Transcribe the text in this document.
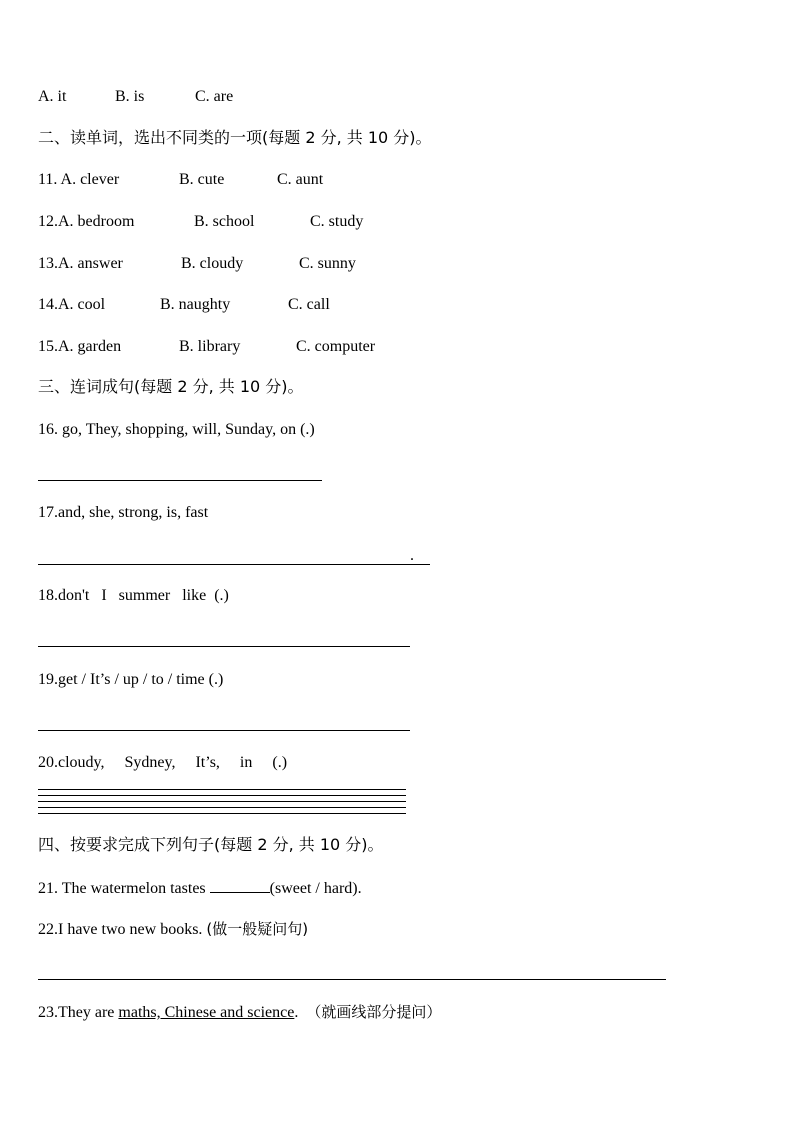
A. it	B. is	C. are
二、读单词，选出不同类的一项(每题 2 分, 共 10 分)。
11. A. clever	B. cute	C. aunt
12.A. bedroom	B. school	C. study
13.A. answer	B. cloudy	C. sunny
14.A. cool	B. naughty	C. call
15.A. garden	B. library	C. computer
三、连词成句(每题 2 分, 共 10 分)。
16. go, They, shopping, will, Sunday, on (.)
17.and, she, strong, is, fast
.
18.don't   I   summer   like  (.)
19.get / It’s / up / to / time (.)
20.cloudy,     Sydney,     It’s,     in     (.)
四、按要求完成下列句子(每题 2 分, 共 10 分)。
21. The watermelon tastes	(sweet / hard).
22.I have two new books. (做一般疑问句)
23.They are maths, Chinese and science.  （就画线部分提问）
